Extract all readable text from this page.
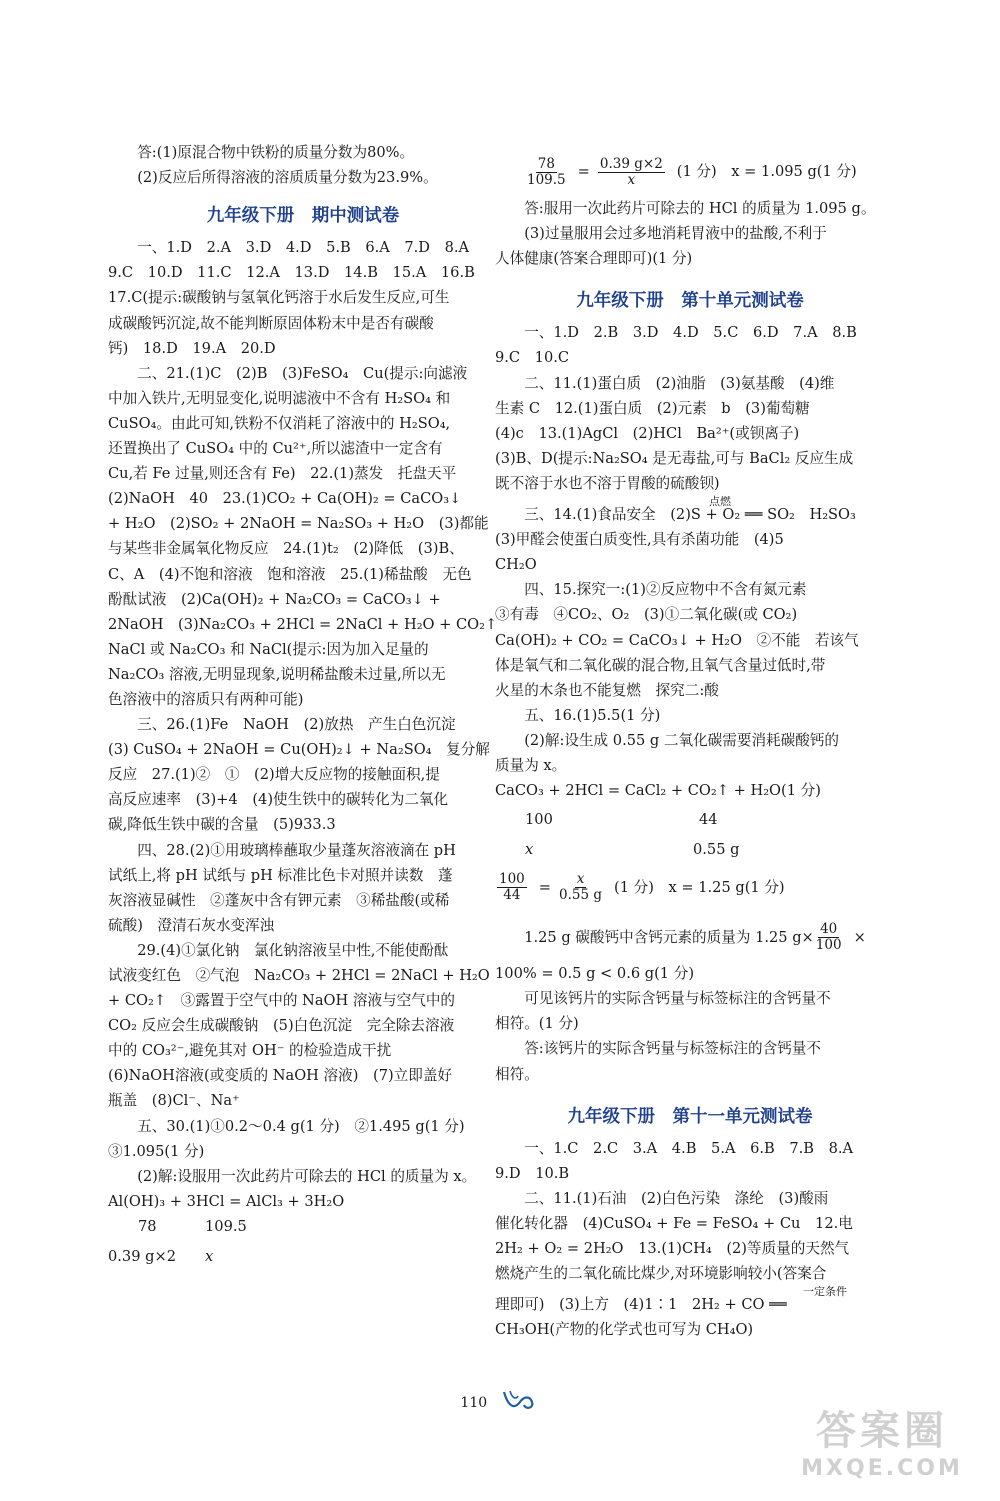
答:(1)原混合物中铁粉的质量分数为80%。
(2)反应后所得溶液的溶质质量分数为23.9%。
九年级下册　期中测试卷
一、1.D　2.A　3.D　4.D　5.B　6.A　7.D　8.A
9.C　10.D　11.C　12.A　13.D　14.B　15.A　16.B
17.C(提示:碳酸钠与氢氧化钙溶于水后发生反应,可生
成碳酸钙沉淀,故不能判断原固体粉末中是否有碳酸
钙)　18.D　19.A　20.D
二、21.(1)C　(2)B　(3)FeSO₄　Cu(提示:向滤液
中加入铁片,无明显变化,说明滤液中不含有 H₂SO₄ 和
CuSO₄。由此可知,铁粉不仅消耗了溶液中的 H₂SO₄,
还置换出了 CuSO₄ 中的 Cu²⁺,所以滤渣中一定含有
Cu,若 Fe 过量,则还含有 Fe)　22.(1)蒸发　托盘天平
(2)NaOH　40　23.(1)CO₂ + Ca(OH)₂ = CaCO₃↓
+ H₂O　(2)SO₂ + 2NaOH = Na₂SO₃ + H₂O　(3)都能
与某些非金属氧化物反应　24.(1)t₂　(2)降低　(3)B、
C、A　(4)不饱和溶液　饱和溶液　25.(1)稀盐酸　无色
酚酞试液　(2)Ca(OH)₂ + Na₂CO₃ = CaCO₃↓ +
2NaOH　(3)Na₂CO₃ + 2HCl = 2NaCl + H₂O + CO₂↑
NaCl 或 Na₂CO₃ 和 NaCl(提示:因为加入足量的
Na₂CO₃ 溶液,无明显现象,说明稀盐酸未过量,所以无
色溶液中的溶质只有两种可能)
三、26.(1)Fe　NaOH　(2)放热　产生白色沉淀
(3) CuSO₄ + 2NaOH = Cu(OH)₂↓ + Na₂SO₄　复分解
反应　27.(1)②　①　(2)增大反应物的接触面积,提
高反应速率　(3)+4　(4)使生铁中的碳转化为二氧化
碳,降低生铁中碳的含量　(5)933.3
四、28.(2)①用玻璃棒蘸取少量蓬灰溶液滴在 pH
试纸上,将 pH 试纸与 pH 标准比色卡对照并读数　蓬
灰溶液显碱性　②蓬灰中含有钾元素　③稀盐酸(或稀
硫酸)　澄清石灰水变浑浊
29.(4)①氯化钠　氯化钠溶液呈中性,不能使酚酞
试液变红色　②气泡　Na₂CO₃ + 2HCl = 2NaCl + H₂O
+ CO₂↑　③露置于空气中的 NaOH 溶液与空气中的
CO₂ 反应会生成碳酸钠　(5)白色沉淀　完全除去溶液
中的 CO₃²⁻,避免其对 OH⁻ 的检验造成干扰
(6)NaOH溶液(或变质的 NaOH 溶液)　(7)立即盖好
瓶盖　(8)Cl⁻、Na⁺
五、30.(1)①0.2～0.4 g(1 分)　②1.495 g(1 分)
③1.095(1 分)
(2)解:设服用一次此药片可除去的 HCl 的质量为 x。
Al(OH)₃ + 3HCl = AlCl₃ + 3H₂O
78	109.5
0.39 g×2 x
$\frac{78}{109.5} = \frac{0.39 g\times 2}{x} (1$ 分)　x = 1.095 g(1 分)
答:服用一次此药片可除去的 HCl 的质量为 1.095 g。
(3)过量服用会过多地消耗胃液中的盐酸,不利于
人体健康(答案合理即可)(1 分)
九年级下册　第十单元测试卷
一、1.D　2.B　3.D　4.D　5.C　6.D　7.A　8.B
9.C　10.C
二、11.(1)蛋白质　(2)油脂　(3)氨基酸　(4)维
生素 C　12.(1)蛋白质　(2)元素　b　(3)葡萄糖
(4)c　13.(1)AgCl　(2)HCl　Ba²⁺(或钡离子)
(3)B、D(提示:Na₂SO₄ 是无毒盐,可与 BaCl₂ 反应生成
既不溶于水也不溶于胃酸的硫酸钡)
三、14.(1)食品安全　(2)S + O₂ ══ SO₂　H₂SO₃
点燃
(3)甲醛会使蛋白质变性,具有杀菌功能　(4)5
CH₂O
四、15.探究一:(1)②反应物中不含有氮元素
③有毒　④CO₂、O₂　(3)①二氧化碳(或 CO₂)
Ca(OH)₂ + CO₂ = CaCO₃↓ + H₂O　②不能　若该气
体是氧气和二氧化碳的混合物,且氧气含量过低时,带
火星的木条也不能复燃　探究二:酸
五、16.(1)5.5(1 分)
(2)解:设生成 0.55 g 二氧化碳需要消耗碳酸钙的
质量为 x。
CaCO₃ + 2HCl = CaCl₂ + CO₂↑ + H₂O(1 分)
100	44
x	0.55 g
$\frac{100}{44} = \frac{x}{0.55 g} (1$ 分)　x = 1.25 g(1 分)
1.25 g 碳酸钙中含钙元素的质量为 1.25 $g\times \frac{40}{100}$ ×
100% = 0.5 g < 0.6 g(1 分)
可见该钙片的实际含钙量与标签标注的含钙量不
相符。(1 分)
答:该钙片的实际含钙量与标签标注的含钙量不
相符。
九年级下册　第十一单元测试卷
一、1.C　2.C　3.A　4.B　5.A　6.B　7.B　8.A
9.D　10.B
二、11.(1)石油　(2)白色污染　涤纶　(3)酸雨
催化转化器　(4)CuSO₄ + Fe = FeSO₄ + Cu　12.电
2H₂ + O₂ = 2H₂O　13.(1)CH₄　(2)等质量的天然气
燃烧产生的二氧化硫比煤少,对环境影响较小(答案合
理即可)　(3)上方　(4)1∶1　2H₂ + CO ══
一定条件
CH₃OH(产物的化学式也可写为 CH₄O)
110
答案圈
MXQE.COM
